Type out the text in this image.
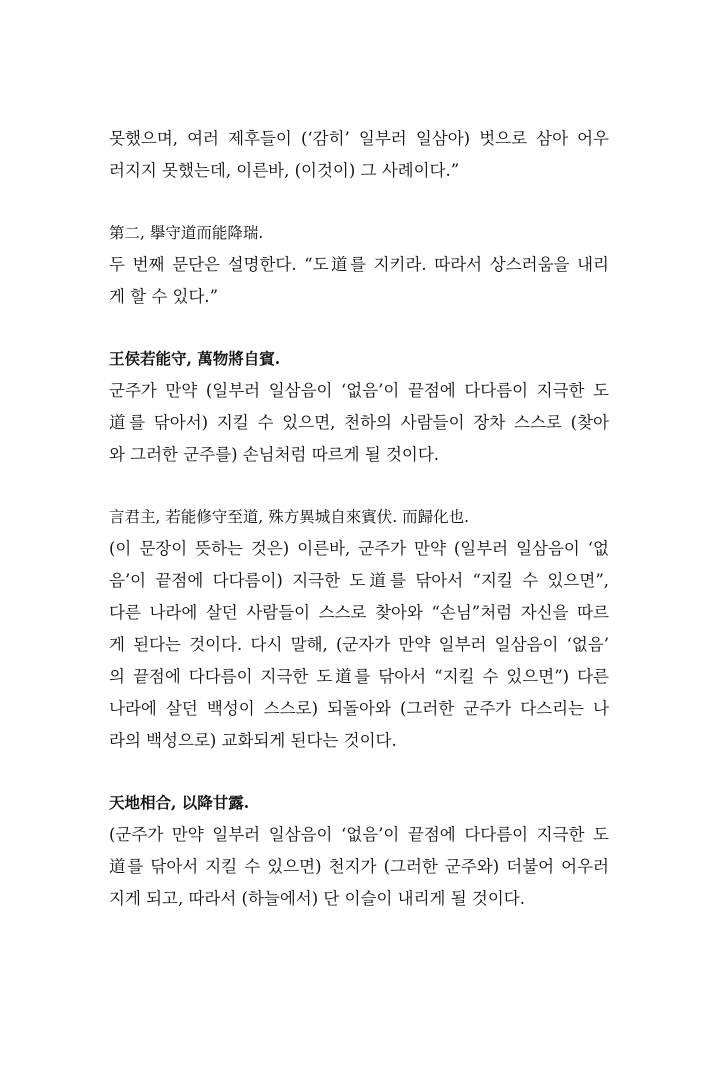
못했으며, 여러 제후들이 (‘감히’ 일부러 일삼아) 벗으로 삼아 어우
러지지 못했는데, 이른바, (이것이) 그 사례이다.”
第二, 擧守道而能降瑞.
두 번째 문단은 설명한다. “도道를 지키라. 따라서 상스러움을 내리
게 할 수 있다.”
王侯若能守, 萬物將自賓.
군주가 만약 (일부러 일삼음이 ‘없음’이 끝점에 다다름이 지극한 도
道를 닦아서) 지킬 수 있으면, 천하의 사람들이 장차 스스로 (찾아
와 그러한 군주를) 손님처럼 따르게 될 것이다.
言君主, 若能修守至道, 殊方異城自來賓伏. 而歸化也.
(이 문장이 뜻하는 것은) 이른바, 군주가 만약 (일부러 일삼음이 ‘없
음’이 끝점에 다다름이) 지극한 도道를 닦아서 “지킬 수 있으면”,
다른 나라에 살던 사람들이 스스로 찾아와 “손님”처럼 자신을 따르
게 된다는 것이다. 다시 말해, (군자가 만약 일부러 일삼음이 ‘없음’
의 끝점에 다다름이 지극한 도道를 닦아서 “지킬 수 있으면”) 다른
나라에 살던 백성이 스스로) 되돌아와 (그러한 군주가 다스리는 나
라의 백성으로) 교화되게 된다는 것이다.
天地相合, 以降甘露.
(군주가 만약 일부러 일삼음이 ‘없음’이 끝점에 다다름이 지극한 도
道를 닦아서 지킬 수 있으면) 천지가 (그러한 군주와) 더불어 어우러
지게 되고, 따라서 (하늘에서) 단 이슬이 내리게 될 것이다.
